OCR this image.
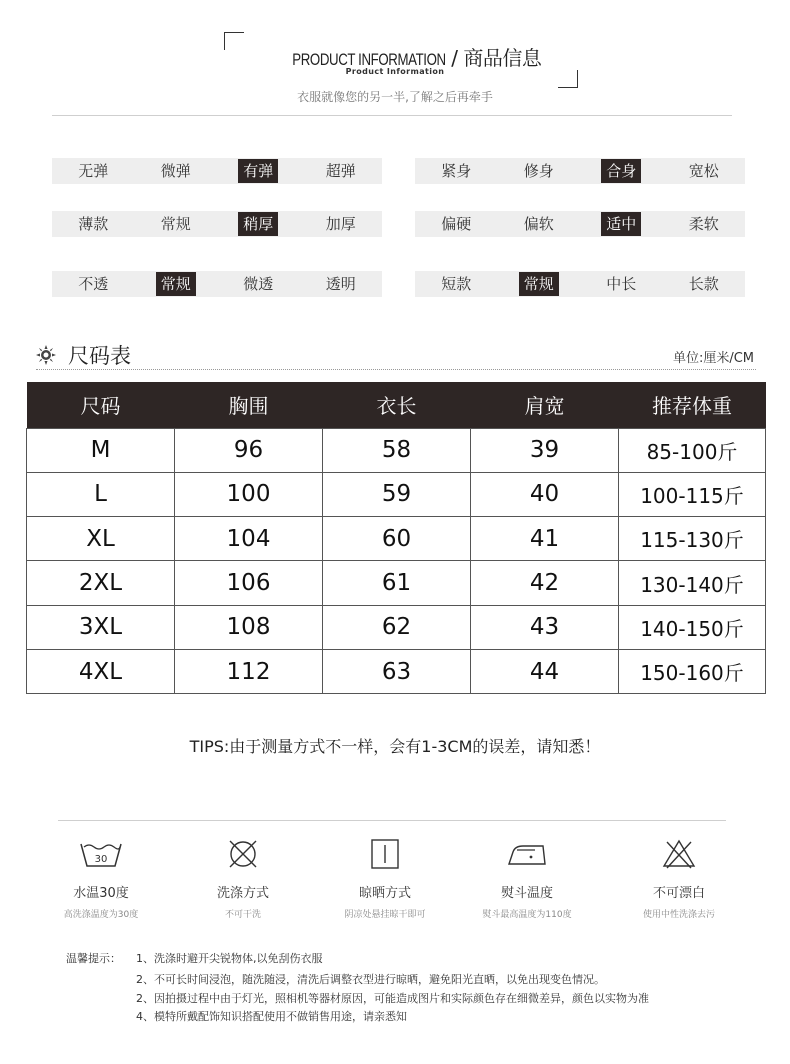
PRODUCT INFORMATION / 商品信息
Product Information
衣服就像您的另一半,了解之后再牵手
无弹	微弹	有弹	超弹	紧身	修身	合身	宽松
薄款	常规	稍厚	加厚	偏硬	偏软	适中	柔软
不透	常规	微透	透明	短款	常规	中长	长款
尺码表	单位:厘米/CM
尺码	胸围	衣长	肩宽	推荐体重
M	96	58	39	85-100斤
L	100	59	40	100-115斤
XL	104	60	41	115-130斤
2XL	106	61	42	130-140斤
3XL	108	62	43	140-150斤
4XL	112	63	44	150-160斤
TIPS:由于测量方式不一样，会有1-3CM的误差，请知悉！
30
水温30度
高洗涤温度为30度
洗涤方式
不可干洗
晾晒方式
阴凉处悬挂晾干即可
熨斗温度
熨斗最高温度为110度
不可漂白
使用中性洗涤去污
温馨提示： 1、洗涤时避开尖锐物体,以免刮伤衣服
2、不可长时间浸泡，随洗随浸，清洗后调整衣型进行晾晒，避免阳光直晒，以免出现变色情况。
2、因拍摄过程中由于灯光，照相机等器材原因，可能造成图片和实际颜色存在细微差异，颜色以实物为准
4、模特所戴配饰知识搭配使用不做销售用途，请亲悉知
